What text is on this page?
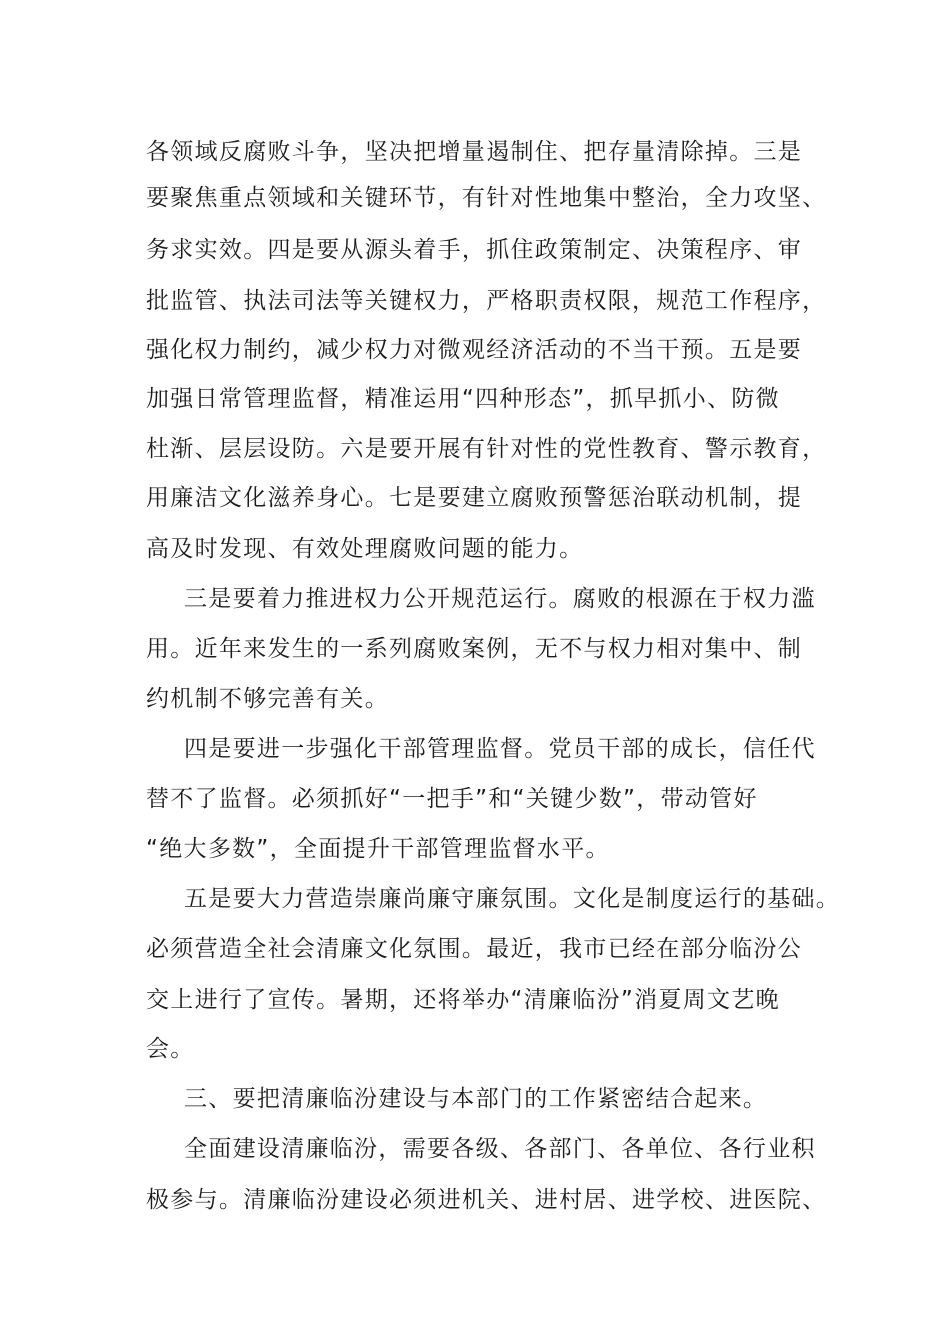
各领域反腐败斗争，坚决把增量遏制住、把存量清除掉。三是

要聚焦重点领域和关键环节，有针对性地集中整治，全力攻坚、

务求实效。四是要从源头着手，抓住政策制定、决策程序、审

批监管、执法司法等关键权力，严格职责权限，规范工作程序，

强化权力制约，减少权力对微观经济活动的不当干预。五是要

加强日常管理监督，精准运用“四种形态”，抓早抓小、防微

杜渐、层层设防。六是要开展有针对性的党性教育、警示教育，

用廉洁文化滋养身心。七是要建立腐败预警惩治联动机制，提

高及时发现、有效处理腐败问题的能力。

三是要着力推进权力公开规范运行。腐败的根源在于权力滥

用。近年来发生的一系列腐败案例，无不与权力相对集中、制

约机制不够完善有关。

四是要进一步强化干部管理监督。党员干部的成长，信任代

替不了监督。必须抓好“一把手”和“关键少数”，带动管好

“绝大多数”，全面提升干部管理监督水平。

五是要大力营造崇廉尚廉守廉氛围。文化是制度运行的基础。

必须营造全社会清廉文化氛围。最近，我市已经在部分临汾公

交上进行了宣传。暑期，还将举办“清廉临汾”消夏周文艺晚

会。

三、要把清廉临汾建设与本部门的工作紧密结合起来。

全面建设清廉临汾，需要各级、各部门、各单位、各行业积

极参与。清廉临汾建设必须进机关、进村居、进学校、进医院、
